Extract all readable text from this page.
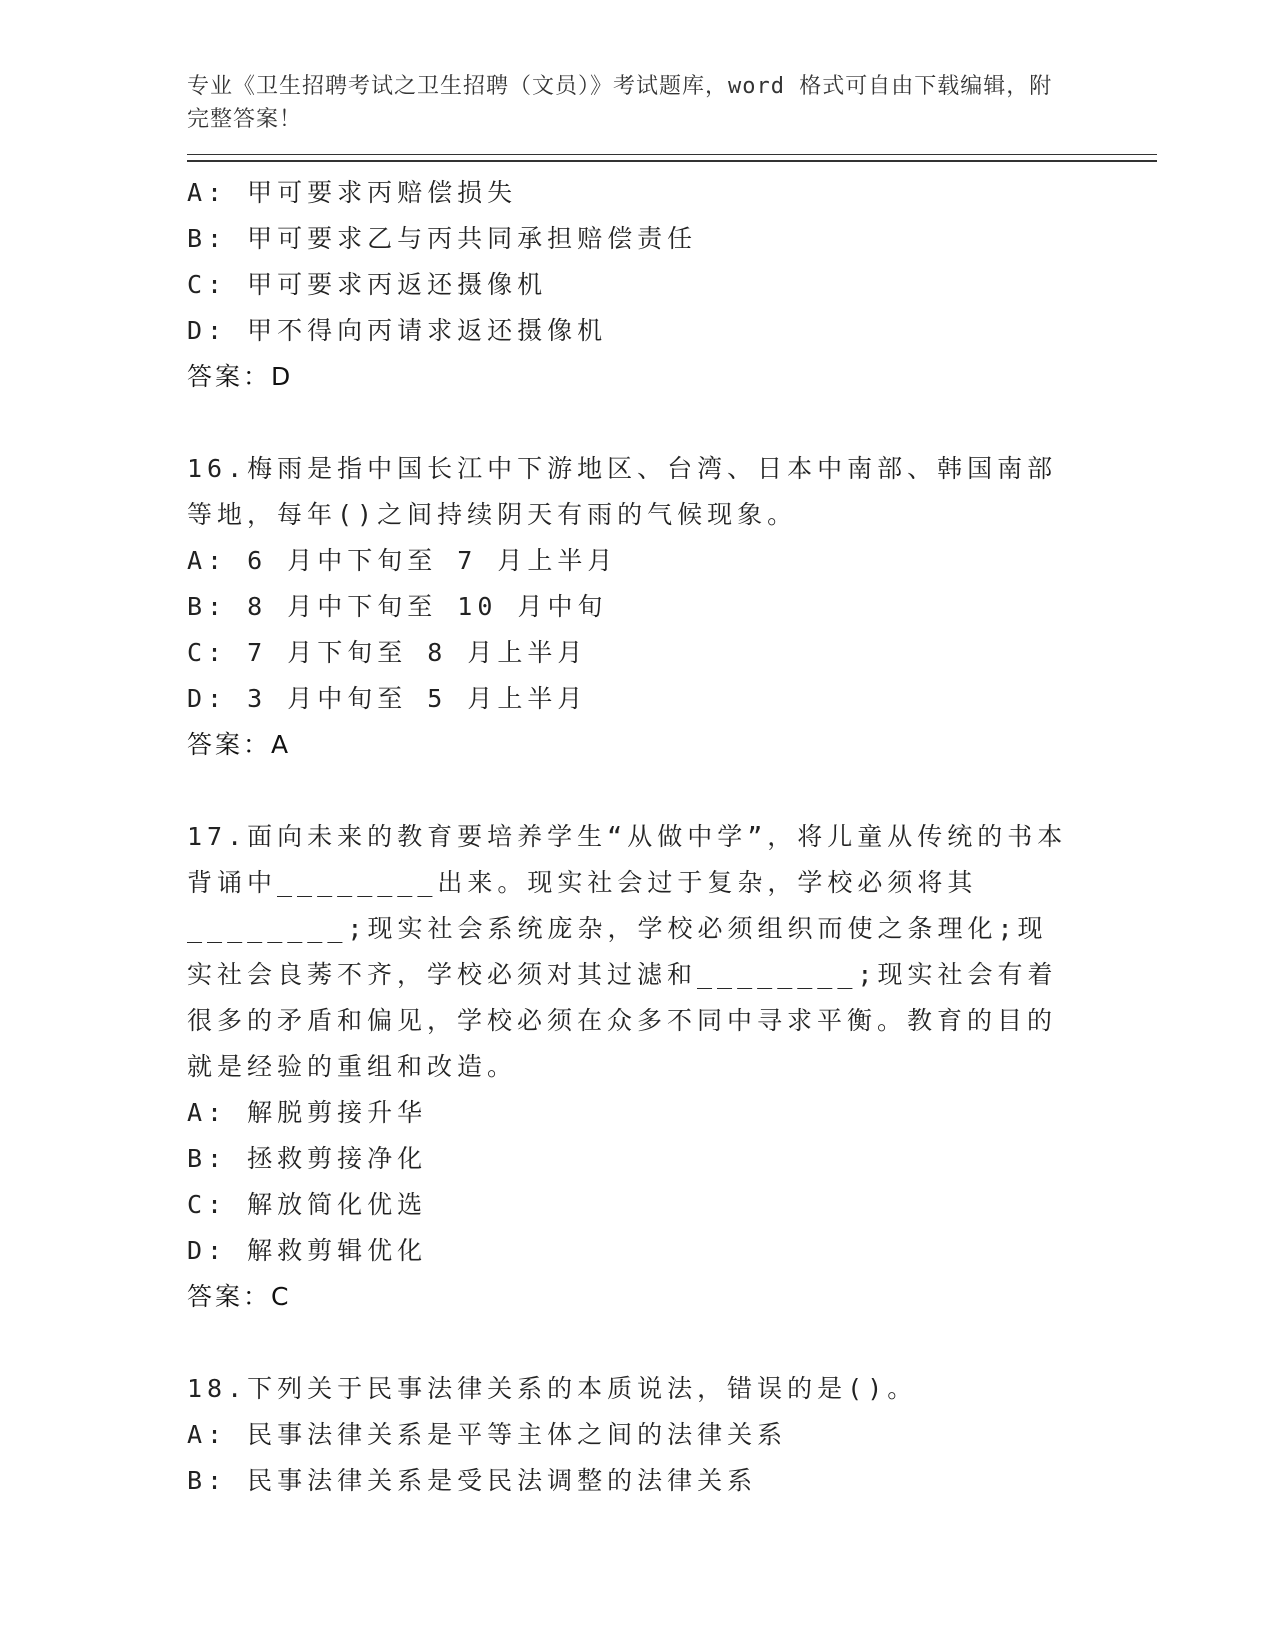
专业《卫生招聘考试之卫生招聘（文员）》考试题库，word 格式可自由下载编辑，附完整答案！
A: 甲可要求丙赔偿损失
B: 甲可要求乙与丙共同承担赔偿责任
C: 甲可要求丙返还摄像机
D: 甲不得向丙请求返还摄像机
答案：D
16.梅雨是指中国长江中下游地区、台湾、日本中南部、韩国南部等地，每年()之间持续阴天有雨的气候现象。
A: 6 月中下旬至 7 月上半月
B: 8 月中下旬至 10 月中旬
C: 7 月下旬至 8 月上半月
D: 3 月中旬至 5 月上半月
答案：A
17.面向未来的教育要培养学生“从做中学”，将儿童从传统的书本背诵中________出来。现实社会过于复杂，学校必须将其________;现实社会系统庞杂，学校必须组织而使之条理化;现实社会良莠不齐，学校必须对其过滤和________;现实社会有着很多的矛盾和偏见，学校必须在众多不同中寻求平衡。教育的目的就是经验的重组和改造。
A: 解脱剪接升华
B: 拯救剪接净化
C: 解放简化优选
D: 解救剪辑优化
答案：C
18.下列关于民事法律关系的本质说法，错误的是()。
A: 民事法律关系是平等主体之间的法律关系
B: 民事法律关系是受民法调整的法律关系
